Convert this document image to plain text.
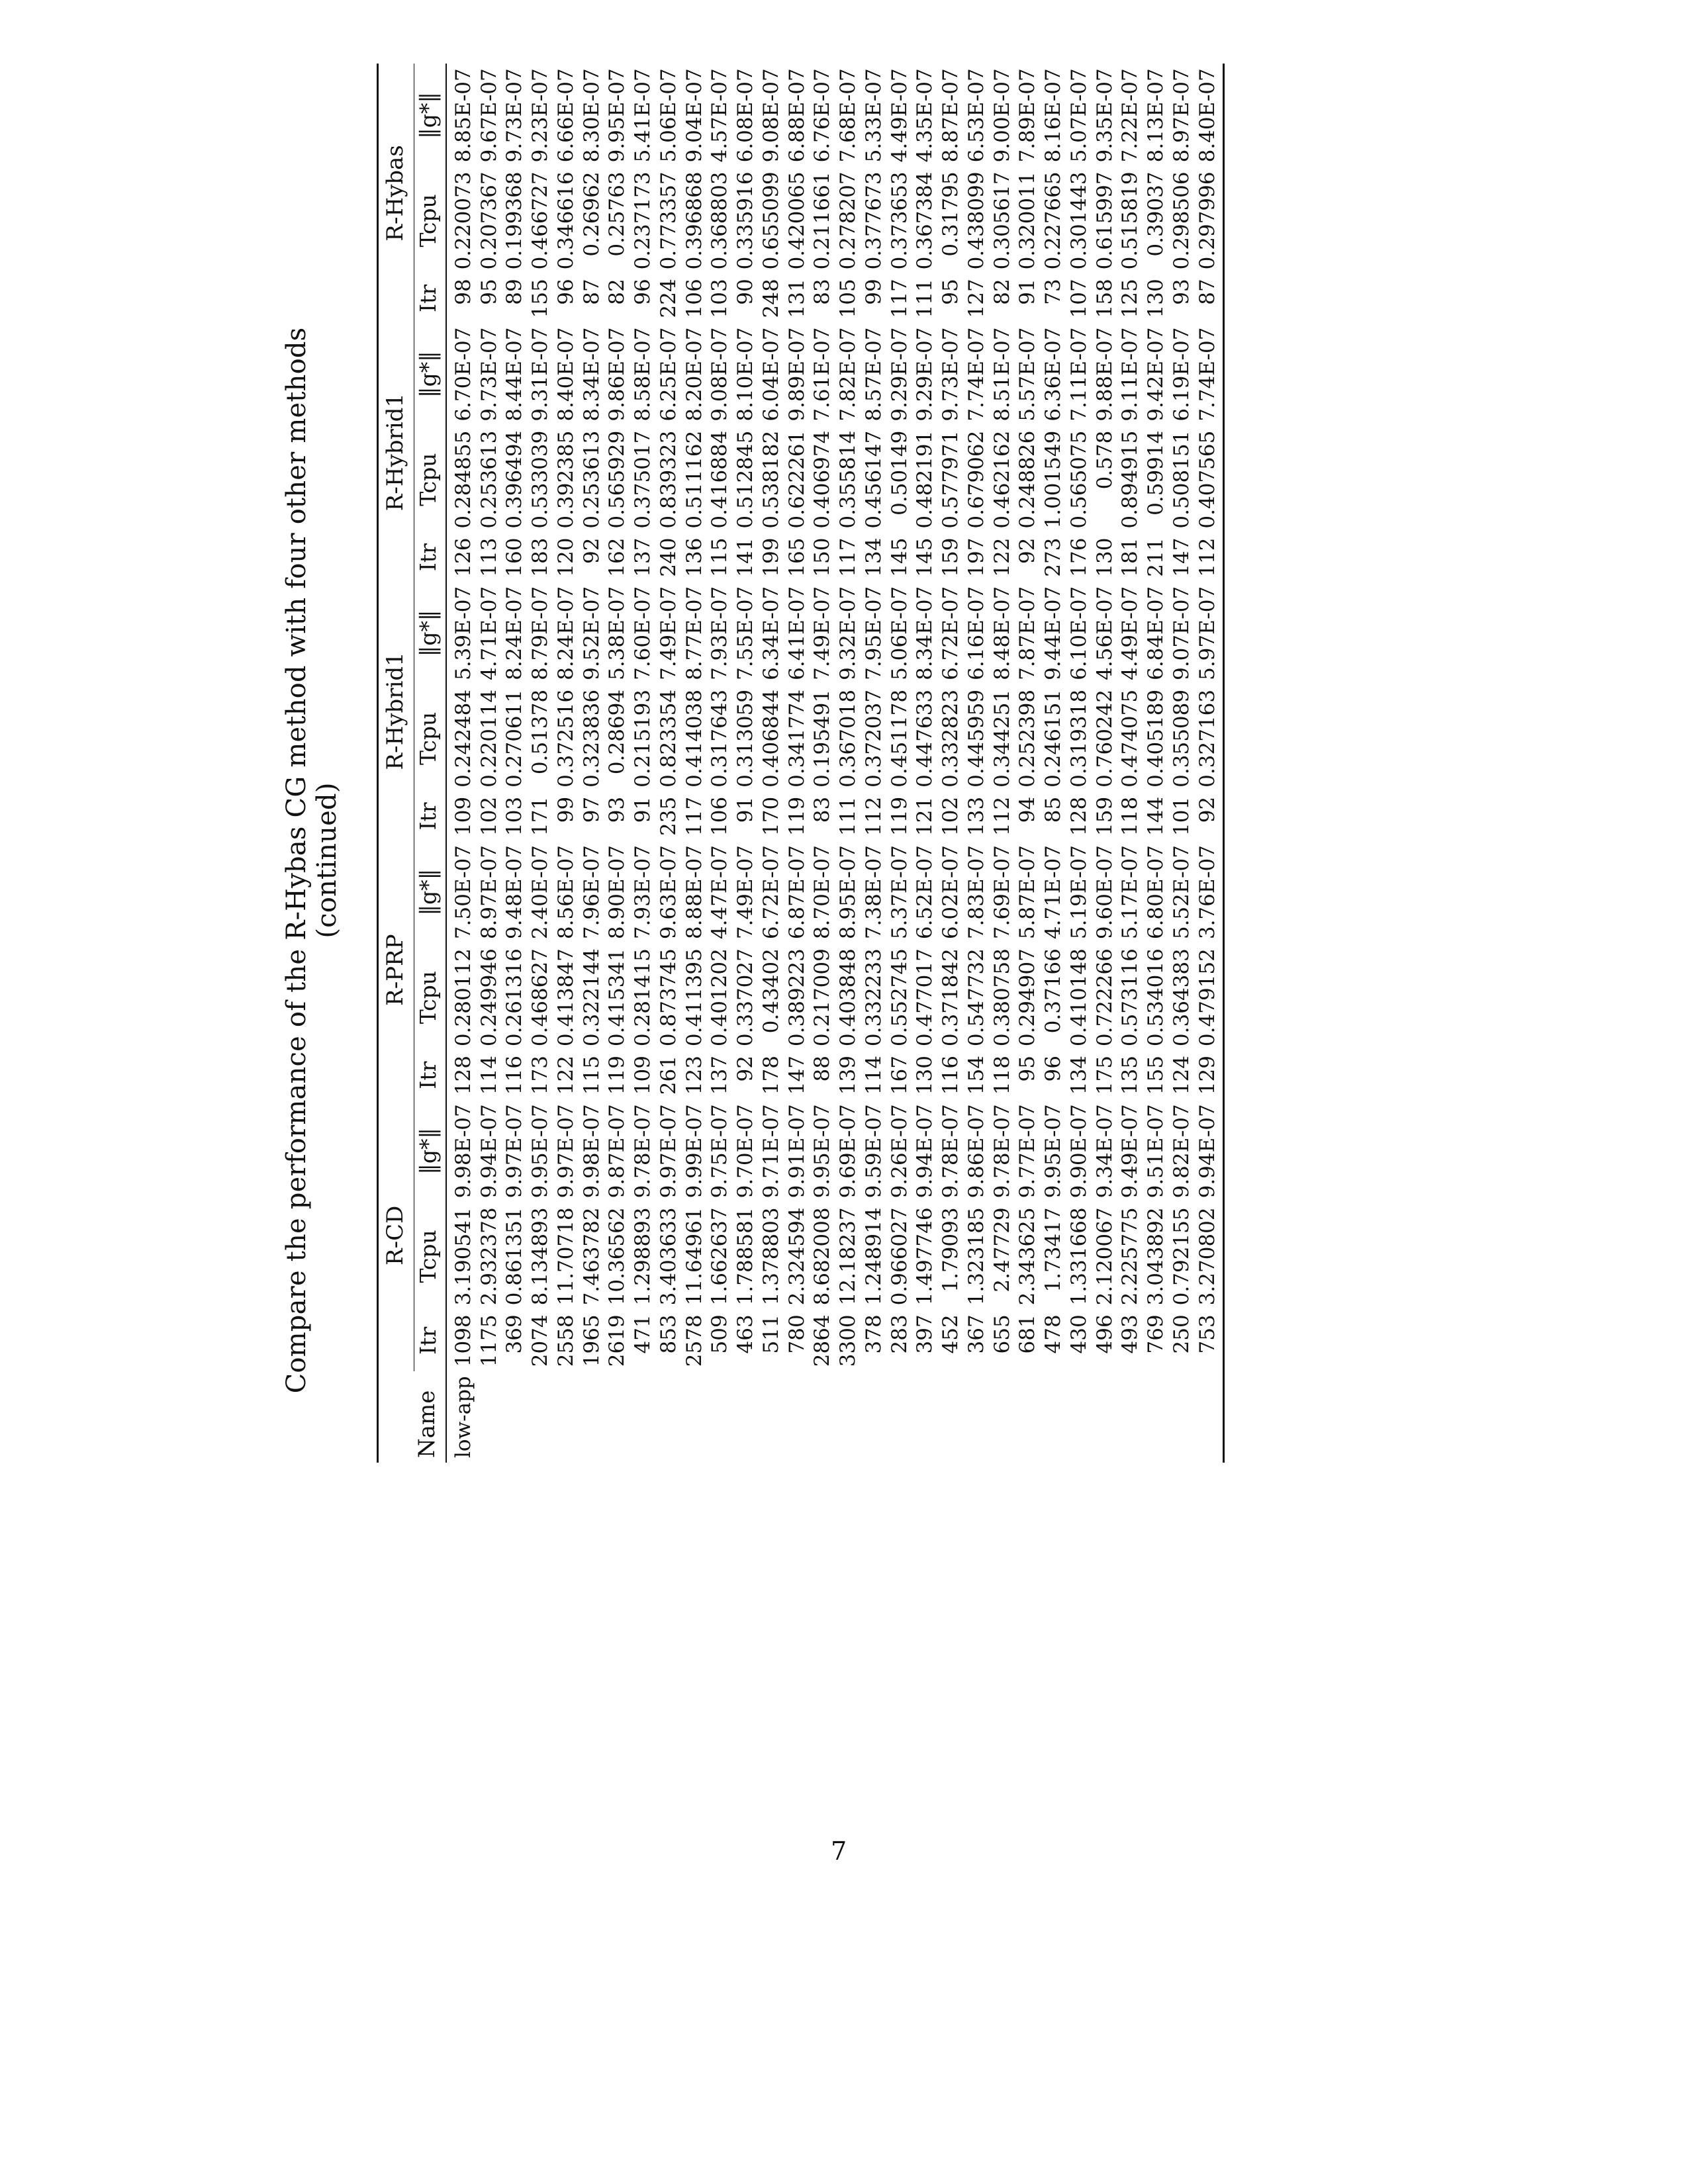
Compare the performance of the R-Hybas CG method with four other methods (continued)
Name	R-CD			R-PRP			R-Hybrid1			R-Hybrid1			R-Hybas		
	Itr	Tcpu	‖g*‖	Itr	Tcpu	‖g*‖	Itr	Tcpu	‖g*‖	Itr	Tcpu	‖g*‖	Itr	Tcpu	‖g*‖
low-app	1098	3.190541	9.98E-07	128	0.280112	7.50E-07	109	0.242484	5.39E-07	126	0.284855	6.70E-07	98	0.220073	8.85E-07
	1175	2.932378	9.94E-07	114	0.249946	8.97E-07	102	0.220114	4.71E-07	113	0.253613	9.73E-07	95	0.207367	9.67E-07
	369	0.861351	9.97E-07	116	0.261316	9.48E-07	103	0.270611	8.24E-07	160	0.396494	8.44E-07	89	0.199368	9.73E-07
	2074	8.134893	9.95E-07	173	0.468627	2.40E-07	171	0.51378	8.79E-07	183	0.533039	9.31E-07	155	0.466727	9.23E-07
	2558	11.70718	9.97E-07	122	0.413847	8.56E-07	99	0.372516	8.24E-07	120	0.392385	8.40E-07	96	0.346616	6.66E-07
	1965	7.463782	9.98E-07	115	0.322144	7.96E-07	97	0.323836	9.52E-07	92	0.253613	8.34E-07	87	0.26962	8.30E-07
	2619	10.36562	9.87E-07	119	0.415341	8.90E-07	93	0.28694	5.38E-07	162	0.565929	9.86E-07	82	0.25763	9.95E-07
	471	1.298893	9.78E-07	109	0.281415	7.93E-07	91	0.215193	7.60E-07	137	0.375017	8.58E-07	96	0.237173	5.41E-07
	853	3.403633	9.97E-07	261	0.873745	9.63E-07	235	0.823354	7.49E-07	240	0.839323	6.25E-07	224	0.773357	5.06E-07
	2578	11.64961	9.99E-07	123	0.411395	8.88E-07	117	0.414038	8.77E-07	136	0.511162	8.20E-07	106	0.396868	9.04E-07
	509	1.662637	9.75E-07	137	0.401202	4.47E-07	106	0.317643	7.93E-07	115	0.416884	9.08E-07	103	0.368803	4.57E-07
	463	1.788581	9.70E-07	92	0.337027	7.49E-07	91	0.313059	7.55E-07	141	0.512845	8.10E-07	90	0.335916	6.08E-07
	511	1.378803	9.71E-07	178	0.43402	6.72E-07	170	0.406844	6.34E-07	199	0.538182	6.04E-07	248	0.655099	9.08E-07
	780	2.324594	9.91E-07	147	0.389223	6.87E-07	119	0.341774	6.41E-07	165	0.622261	9.89E-07	131	0.420065	6.88E-07
	2864	8.682008	9.95E-07	88	0.217009	8.70E-07	83	0.195491	7.49E-07	150	0.406974	7.61E-07	83	0.211661	6.76E-07
	3300	12.18237	9.69E-07	139	0.403848	8.95E-07	111	0.367018	9.32E-07	117	0.355814	7.82E-07	105	0.278207	7.68E-07
	378	1.248914	9.59E-07	114	0.332233	7.38E-07	112	0.372037	7.95E-07	134	0.456147	8.57E-07	99	0.377673	5.33E-07
	283	0.966027	9.26E-07	167	0.552745	5.37E-07	119	0.451178	5.06E-07	145	0.50149	9.29E-07	117	0.373653	4.49E-07
	397	1.497746	9.94E-07	130	0.477017	6.52E-07	121	0.447633	8.34E-07	145	0.482191	9.29E-07	111	0.367384	4.35E-07
	452	1.79093	9.78E-07	116	0.371842	6.02E-07	102	0.332823	6.72E-07	159	0.577971	9.73E-07	95	0.31795	8.87E-07
	367	1.323185	9.86E-07	154	0.547732	7.83E-07	133	0.445959	6.16E-07	197	0.679062	7.74E-07	127	0.438099	6.53E-07
	655	2.47729	9.78E-07	118	0.380758	7.69E-07	112	0.344251	8.48E-07	122	0.462162	8.51E-07	82	0.305617	9.00E-07
	681	2.343625	9.77E-07	95	0.294907	5.87E-07	94	0.252398	7.87E-07	92	0.248826	5.57E-07	91	0.320011	7.89E-07
	478	1.73417	9.95E-07	96	0.37166	4.71E-07	85	0.246151	9.44E-07	273	1.001549	6.36E-07	73	0.227665	8.16E-07
	430	1.331668	9.90E-07	134	0.410148	5.19E-07	128	0.319318	6.10E-07	176	0.565075	7.11E-07	107	0.301443	5.07E-07
	496	2.120067	9.34E-07	175	0.722266	9.60E-07	159	0.760242	4.56E-07	130	0.578	9.88E-07	158	0.615997	9.35E-07
	493	2.225775	9.49E-07	135	0.573116	5.17E-07	118	0.474075	4.49E-07	181	0.894915	9.11E-07	125	0.515819	7.22E-07
	769	3.043892	9.51E-07	155	0.534016	6.80E-07	144	0.405189	6.84E-07	211	0.59914	9.42E-07	130	0.39037	8.13E-07
	250	0.792155	9.82E-07	124	0.364383	5.52E-07	101	0.355089	9.07E-07	147	0.508151	6.19E-07	93	0.298506	8.97E-07
	753	3.270802	9.94E-07	129	0.479152	3.76E-07	92	0.327163	5.97E-07	112	0.407565	7.74E-07	87	0.297996	8.40E-07
7
